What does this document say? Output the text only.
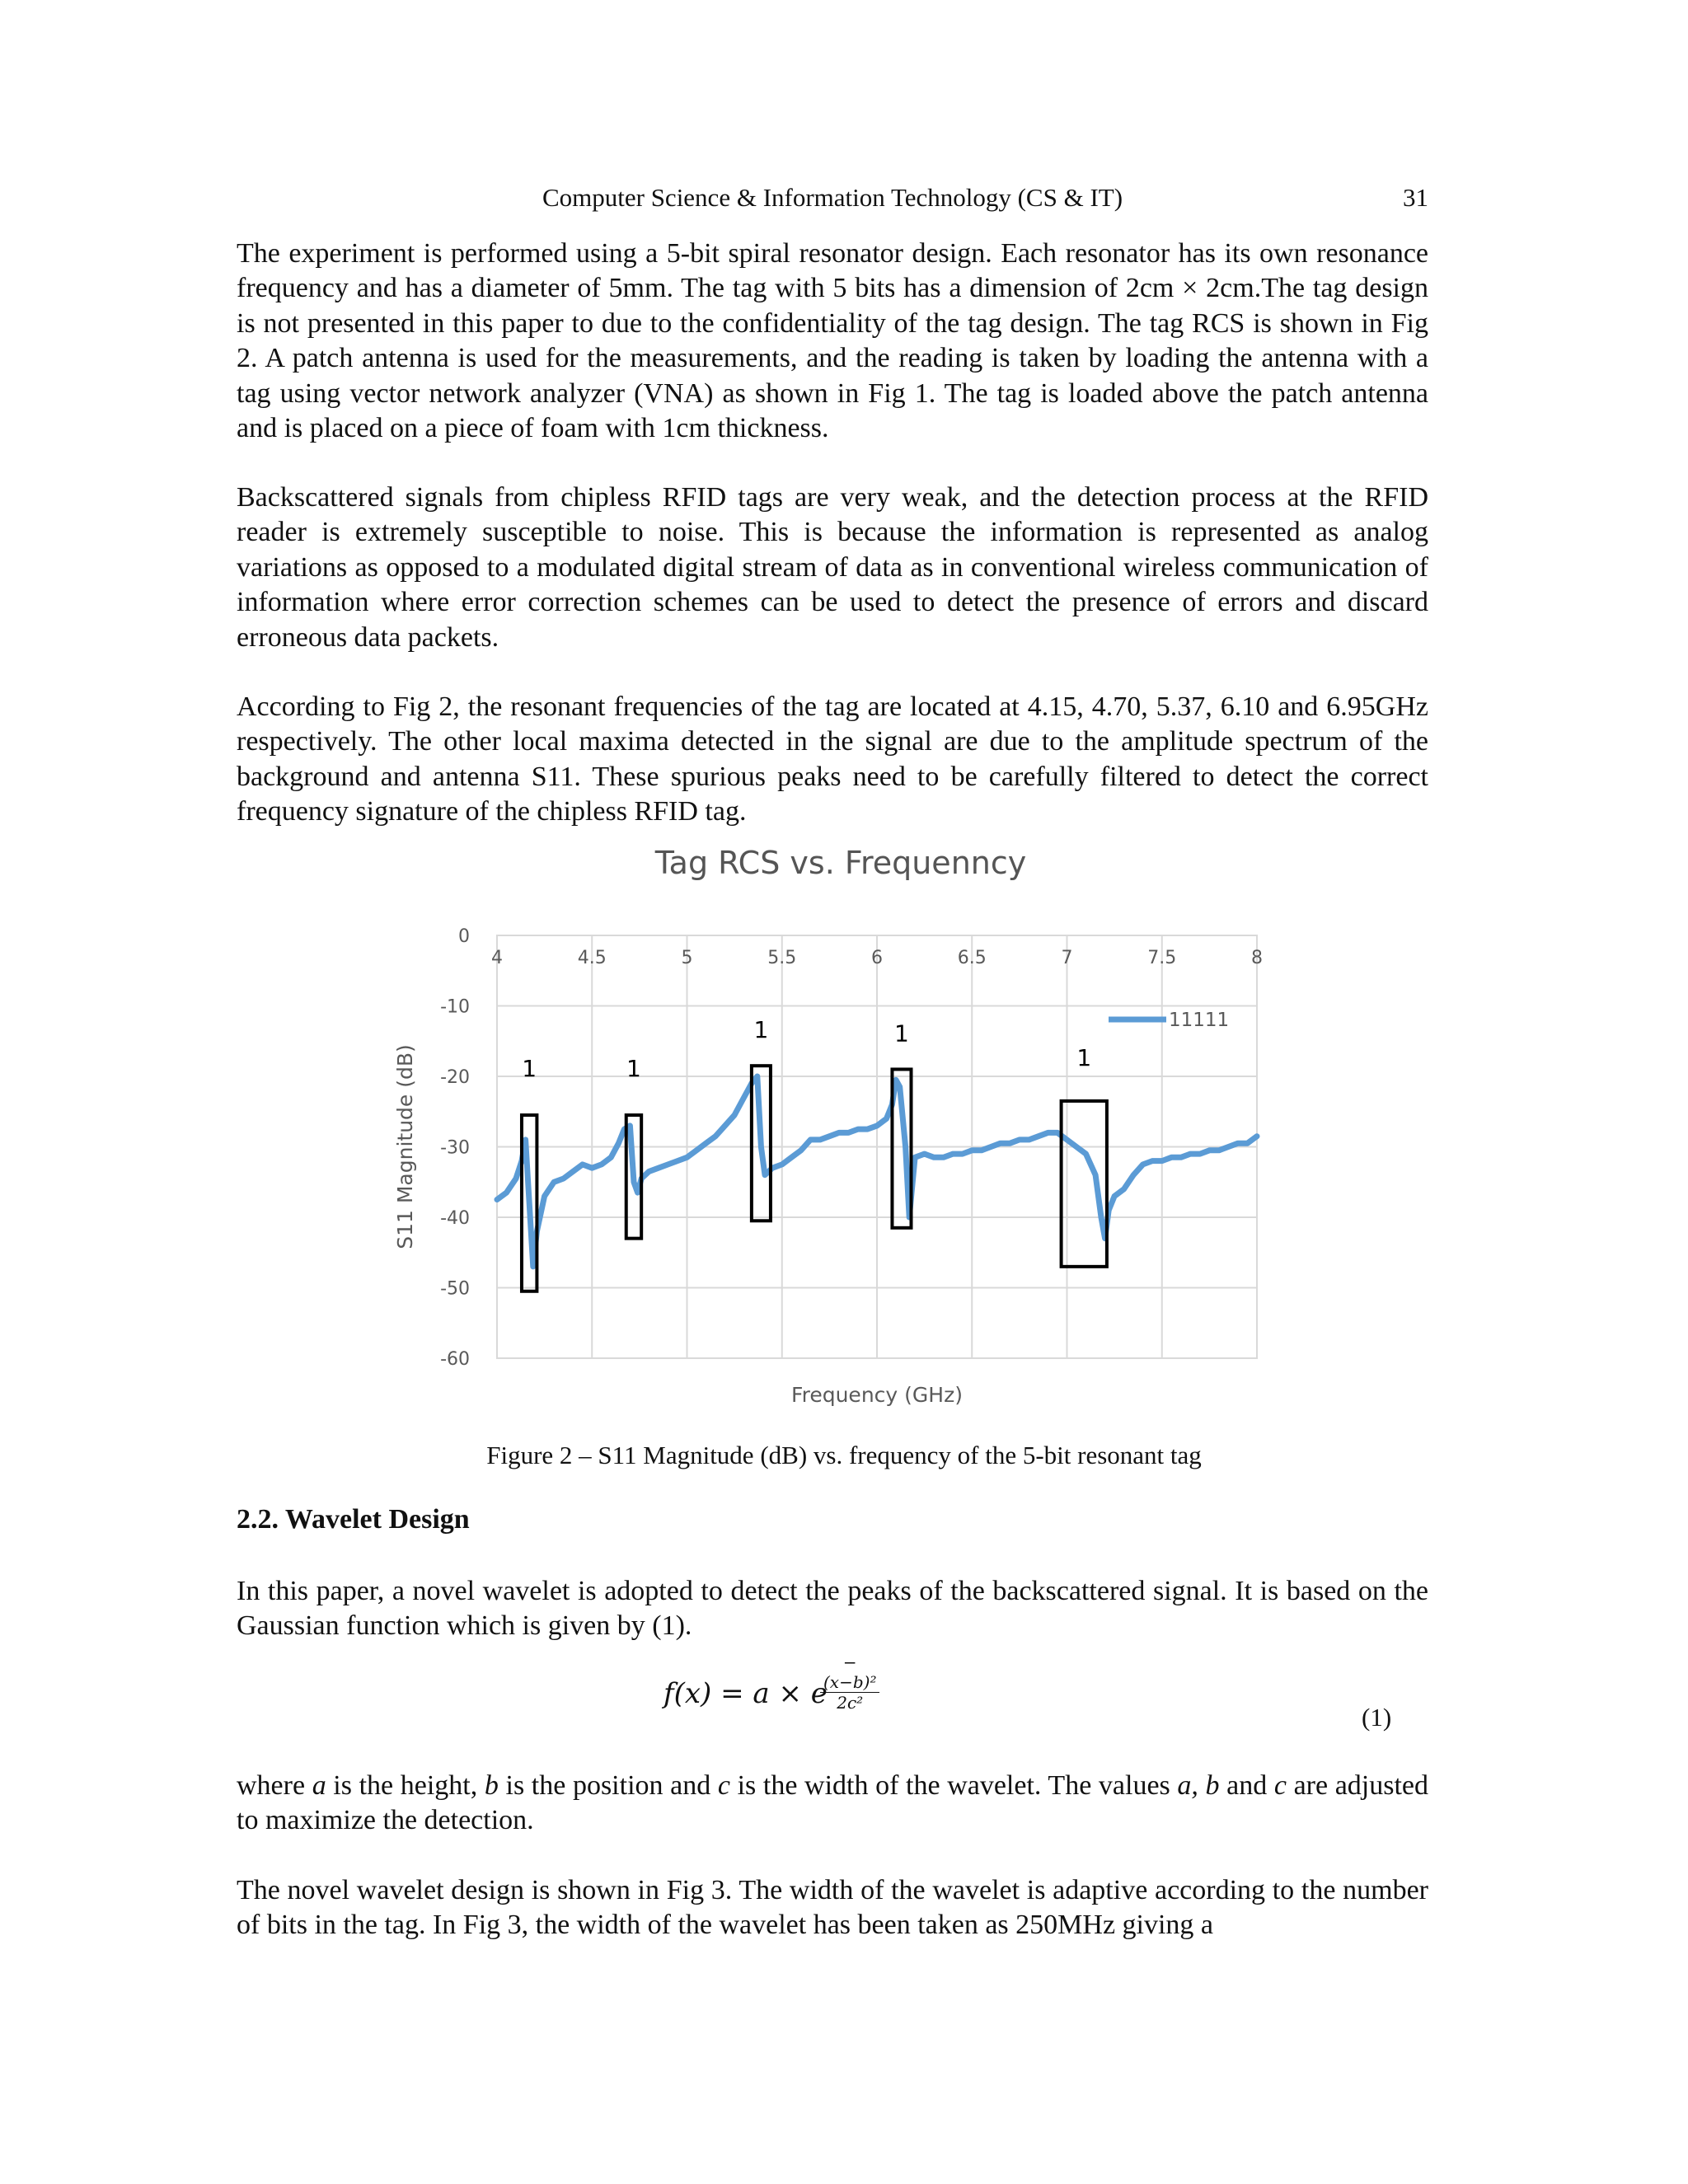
Computer Science & Information Technology (CS & IT)	31

The experiment is performed using a 5-bit spiral resonator design. Each resonator has its own resonance frequency and has a diameter of 5mm. The tag with 5 bits has a dimension of 2cm × 2cm.The tag design is not presented in this paper to due to the confidentiality of the tag design. The tag RCS is shown in Fig 2. A patch antenna is used for the measurements, and the reading is taken by loading the antenna with a tag using vector network analyzer (VNA) as shown in Fig 1. The tag is loaded above the patch antenna and is placed on a piece of foam with 1cm thickness.

Backscattered signals from chipless RFID tags are very weak, and the detection process at the RFID reader is extremely susceptible to noise. This is because the information is represented as analog variations as opposed to a modulated digital stream of data as in conventional wireless communication of information where error correction schemes can be used to detect the presence of errors and discard erroneous data packets.

According to Fig 2, the resonant frequencies of the tag are located at 4.15, 4.70, 5.37, 6.10 and 6.95GHz respectively. The other local maxima detected in the signal are due to the amplitude spectrum of the background and antenna S11. These spurious peaks need to be carefully filtered to detect the correct frequency signature of the chipless RFID tag.

Tag RCS vs. Frequenncy
0
-10
-20
-30
-40
-50
-60
4	4.5	5	5.5	6	6.5	7	7.5	8
Frequency (GHz)
S11 Magnitude (dB)
11111
1	1
1	1
1
Figure 2 – S11 Magnitude (dB) vs. frequency of the 5-bit resonant tag
2.2. Wavelet Design

In this paper, a novel wavelet is adopted to detect the peaks of the backscattered signal. It is based on the Gaussian function which is given by (1).

f(x) = a × e
$\frac{\text{−(x−b)²}}{\text{2c²}}$
(1)

where a is the height, b is the position and c is the width of the wavelet. The values a, b and c are adjusted to maximize the detection.

The novel wavelet design is shown in Fig 3. The width of the wavelet is adaptive according to the number of bits in the tag. In Fig 3, the width of the wavelet has been taken as 250MHz giving a
